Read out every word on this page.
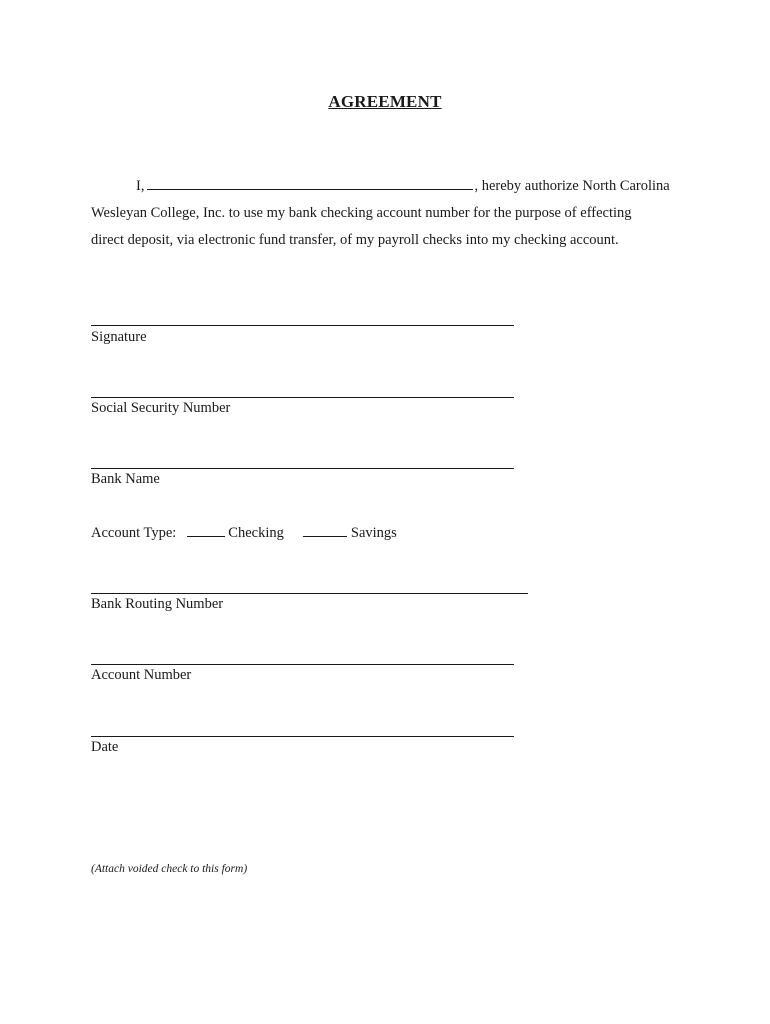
AGREEMENT
I,	, hereby authorize North Carolina
Wesleyan College, Inc. to use my bank checking account number for the purpose of effecting
direct deposit, via electronic fund transfer, of my payroll checks into my checking account.
Signature
Social Security Number
Bank Name
Account Type:	Checking	Savings
Bank Routing Number
Account Number
Date
(Attach voided check to this form)
